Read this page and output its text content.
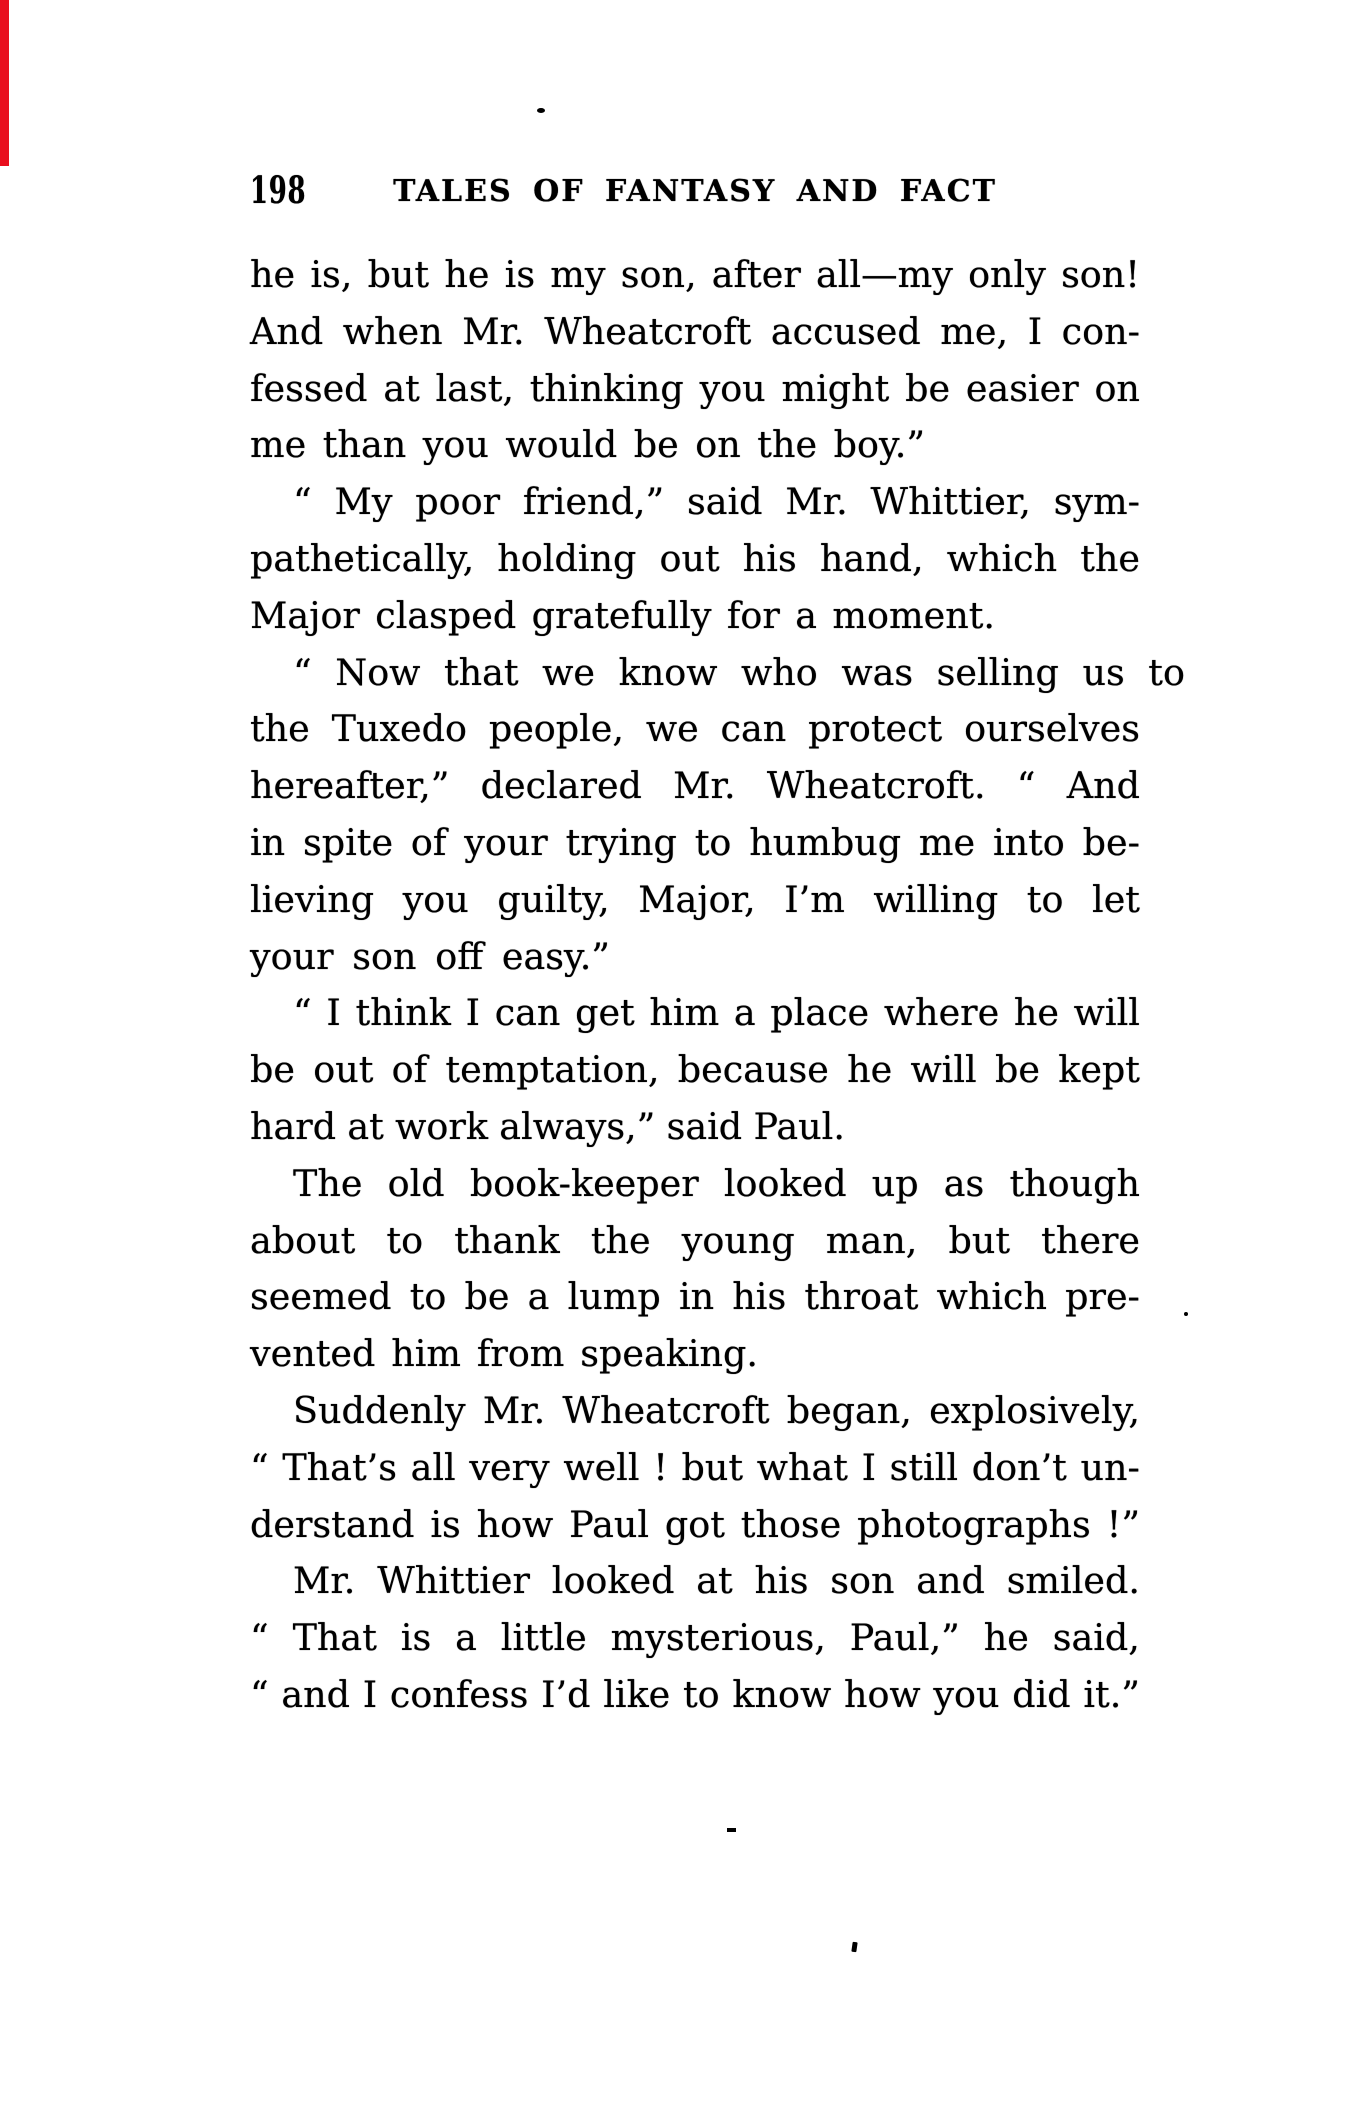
198	TALES OF FANTASY AND FACT
he is, but he is my son, after all—my only son!
And when Mr. Wheatcroft accused me, I con-
fessed at last, thinking you might be easier on
me than you would be on the boy.”
“ My poor friend,” said Mr. Whittier, sym-
pathetically, holding out his hand, which the
Major clasped gratefully for a moment.
“ Now that we know who was selling us to
the Tuxedo people, we can protect ourselves
hereafter,” declared Mr. Wheatcroft. “ And
in spite of your trying to humbug me into be-
lieving you guilty, Major, I’m willing to let
your son off easy.”
“ I think I can get him a place where he will
be out of temptation, because he will be kept
hard at work always,” said Paul.
The old book-keeper looked up as though
about to thank the young man, but there
seemed to be a lump in his throat which pre-
vented him from speaking.
Suddenly Mr. Wheatcroft began, explosively,
“ That’s all very well ! but what I still don’t un-
derstand is how Paul got those photographs !”
Mr. Whittier looked at his son and smiled.
“ That is a little mysterious, Paul,” he said,
“ and I confess I’d like to know how you did it.”
